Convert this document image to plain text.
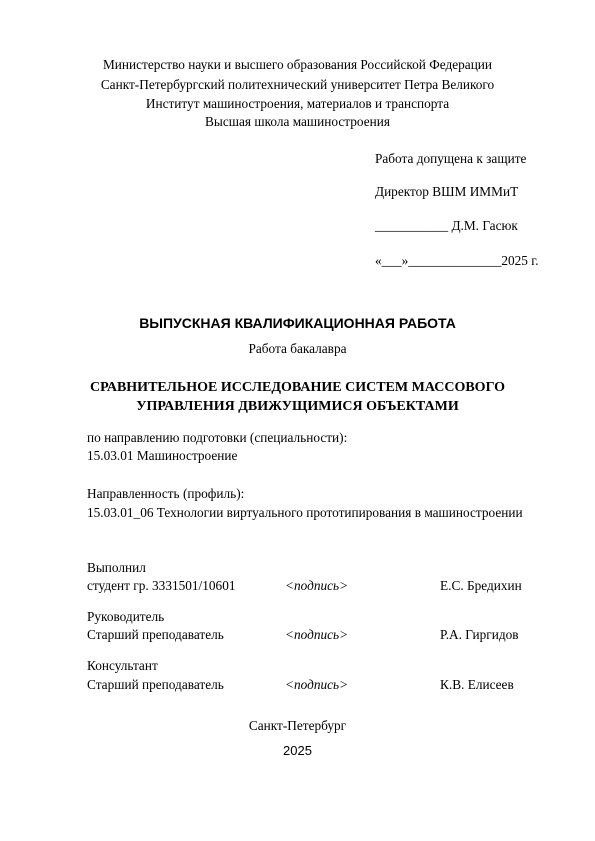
Министерство науки и высшего образования Российской Федерации
Санкт-Петербургский политехнический университет Петра Великого
Институт машиностроения, материалов и транспорта
Высшая школа машиностроения
Работа допущена к защите
Директор ВШМ ИММиТ
___________ Д.М. Гасюк
«___»______________2025 г.
ВЫПУСКНАЯ КВАЛИФИКАЦИОННАЯ РАБОТА
Работа бакалавра
СРАВНИТЕЛЬНОЕ ИССЛЕДОВАНИЕ СИСТЕМ МАССОВОГО
УПРАВЛЕНИЯ ДВИЖУЩИМИСЯ ОБЪЕКТАМИ
по направлению подготовки (специальности):
15.03.01 Машиностроение
Направленность (профиль):
15.03.01_06 Технологии виртуального прототипирования в машиностроении
Выполнил
студент гр. 3331501/10601	<подпись>	Е.С. Бредихин
Руководитель
Старший преподаватель	<подпись>	Р.А. Гиргидов
Консультант
Старший преподаватель	<подпись>	К.В. Елисеев
Санкт-Петербург
2025
